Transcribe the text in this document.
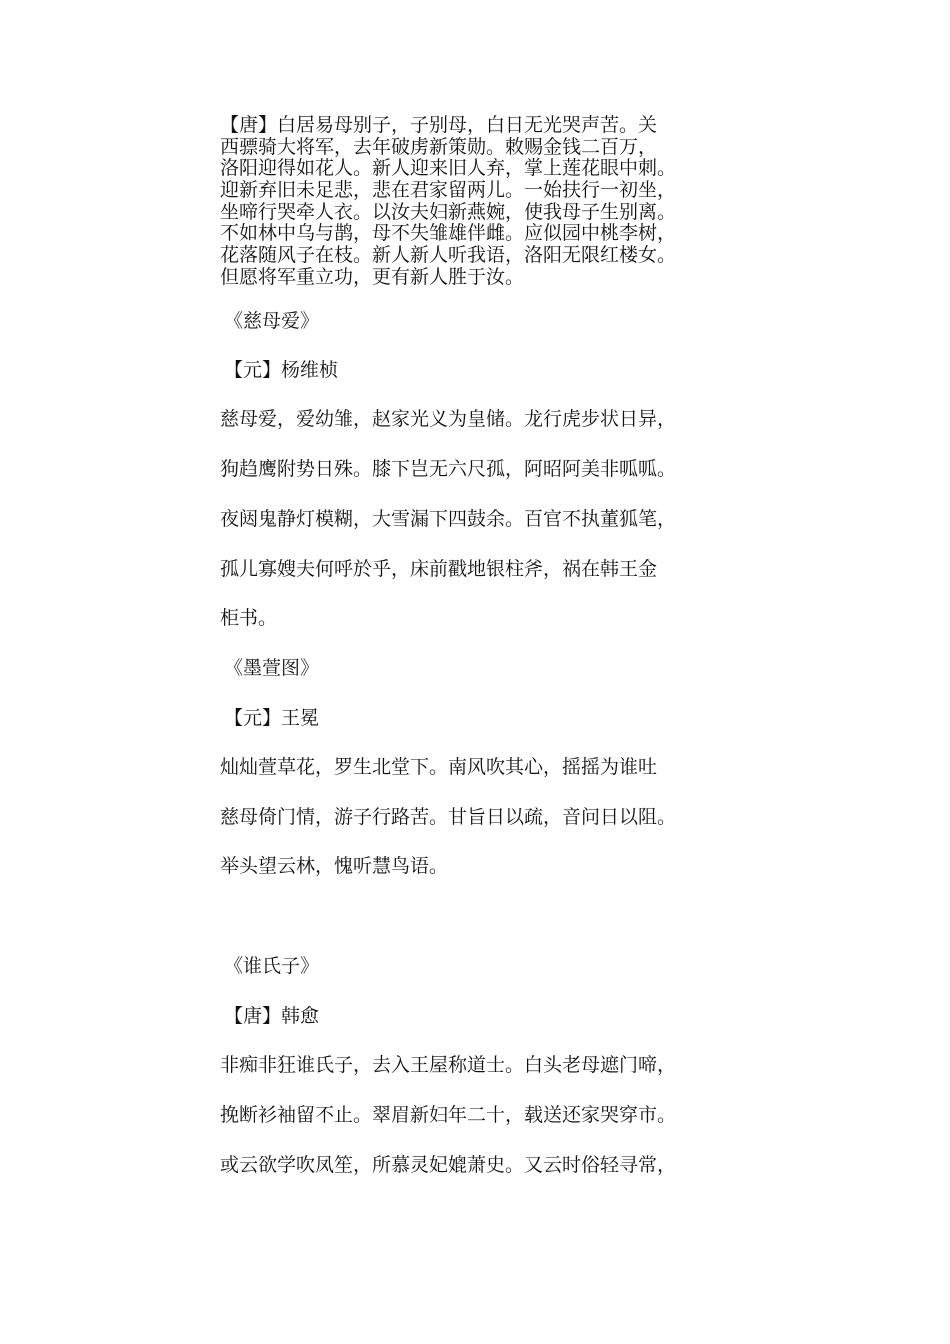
【唐】白居易母别子，子别母，白日无光哭声苦。关
西骠骑大将军，去年破虏新策勋。敕赐金钱二百万，
洛阳迎得如花人。新人迎来旧人弃，掌上莲花眼中刺。
迎新弃旧未足悲，悲在君家留两儿。一始扶行一初坐，
坐啼行哭牵人衣。以汝夫妇新燕婉，使我母子生别离。
不如林中乌与鹊，母不失雏雄伴雌。应似园中桃李树，
花落随风子在枝。新人新人听我语，洛阳无限红楼女。
但愿将军重立功，更有新人胜于汝。
《慈母爱》
【元】杨维桢
慈母爱，爱幼雏，赵家光义为皇储。龙行虎步状日异，
狗趋鹰附势日殊。膝下岂无六尺孤，阿昭阿美非呱呱。
夜闼鬼静灯模糊，大雪漏下四鼓余。百官不执董狐笔，
孤儿寡嫂夫何呼於乎，床前戳地银柱斧，祸在韩王金
柜书。
《墨萱图》
【元】王冕
灿灿萱草花，罗生北堂下。南风吹其心，摇摇为谁吐
慈母倚门情，游子行路苦。甘旨日以疏，音问日以阻。
举头望云林，愧听慧鸟语。
《谁氏子》
【唐】韩愈
非痴非狂谁氏子，去入王屋称道士。白头老母遮门啼，
挽断衫袖留不止。翠眉新妇年二十，载送还家哭穿市。
或云欲学吹凤笙，所慕灵妃媲萧史。又云时俗轻寻常，
